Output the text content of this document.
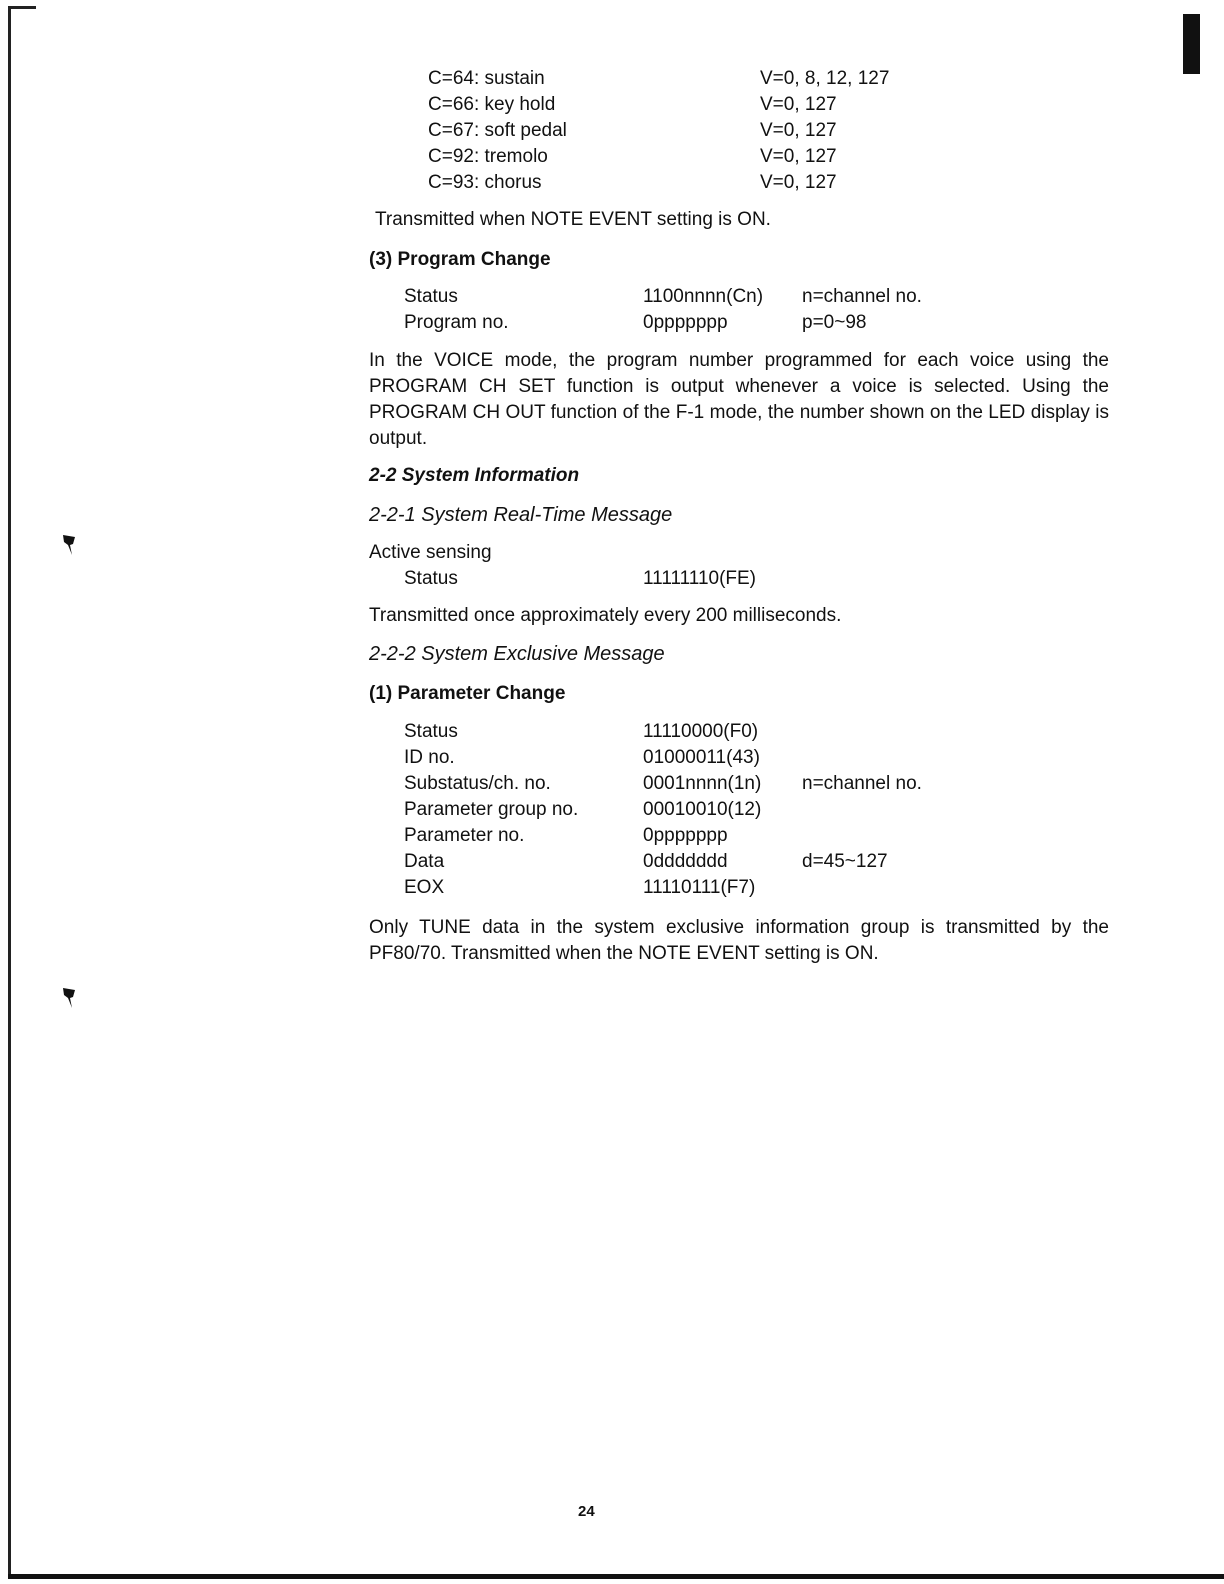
C=64: sustain	V=0, 8, 12, 127
C=66: key hold	V=0, 127
C=67: soft pedal	V=0, 127
C=92: tremolo	V=0, 127
C=93: chorus	V=0, 127
Transmitted when NOTE EVENT setting is ON.
(3) Program Change
Status	1100nnnn(Cn) n=channel no.
Program no.	0ppppppp	p=0~98
In the VOICE mode, the program number programmed for each voice using the PROGRAM CH SET function is output whenever a voice is selected. Using the PROGRAM CH OUT function of the F-1 mode, the number shown on the LED display is output.
2-2 System Information
2-2-1 System Real-Time Message
Active sensing
Status	11111110(FE)
Transmitted once approximately every 200 milliseconds.
2-2-2 System Exclusive Message
(1) Parameter Change
Status	11110000(F0)
ID no.	01000011(43)
Substatus/ch. no.	0001nnnn(1n) n=channel no.
Parameter group no.	00010010(12)
Parameter no.	0ppppppp
Data	0ddddddd	d=45~127
EOX	11110111(F7)
Only TUNE data in the system exclusive information group is transmitted by the PF80/70. Transmitted when the NOTE EVENT setting is ON.
24
